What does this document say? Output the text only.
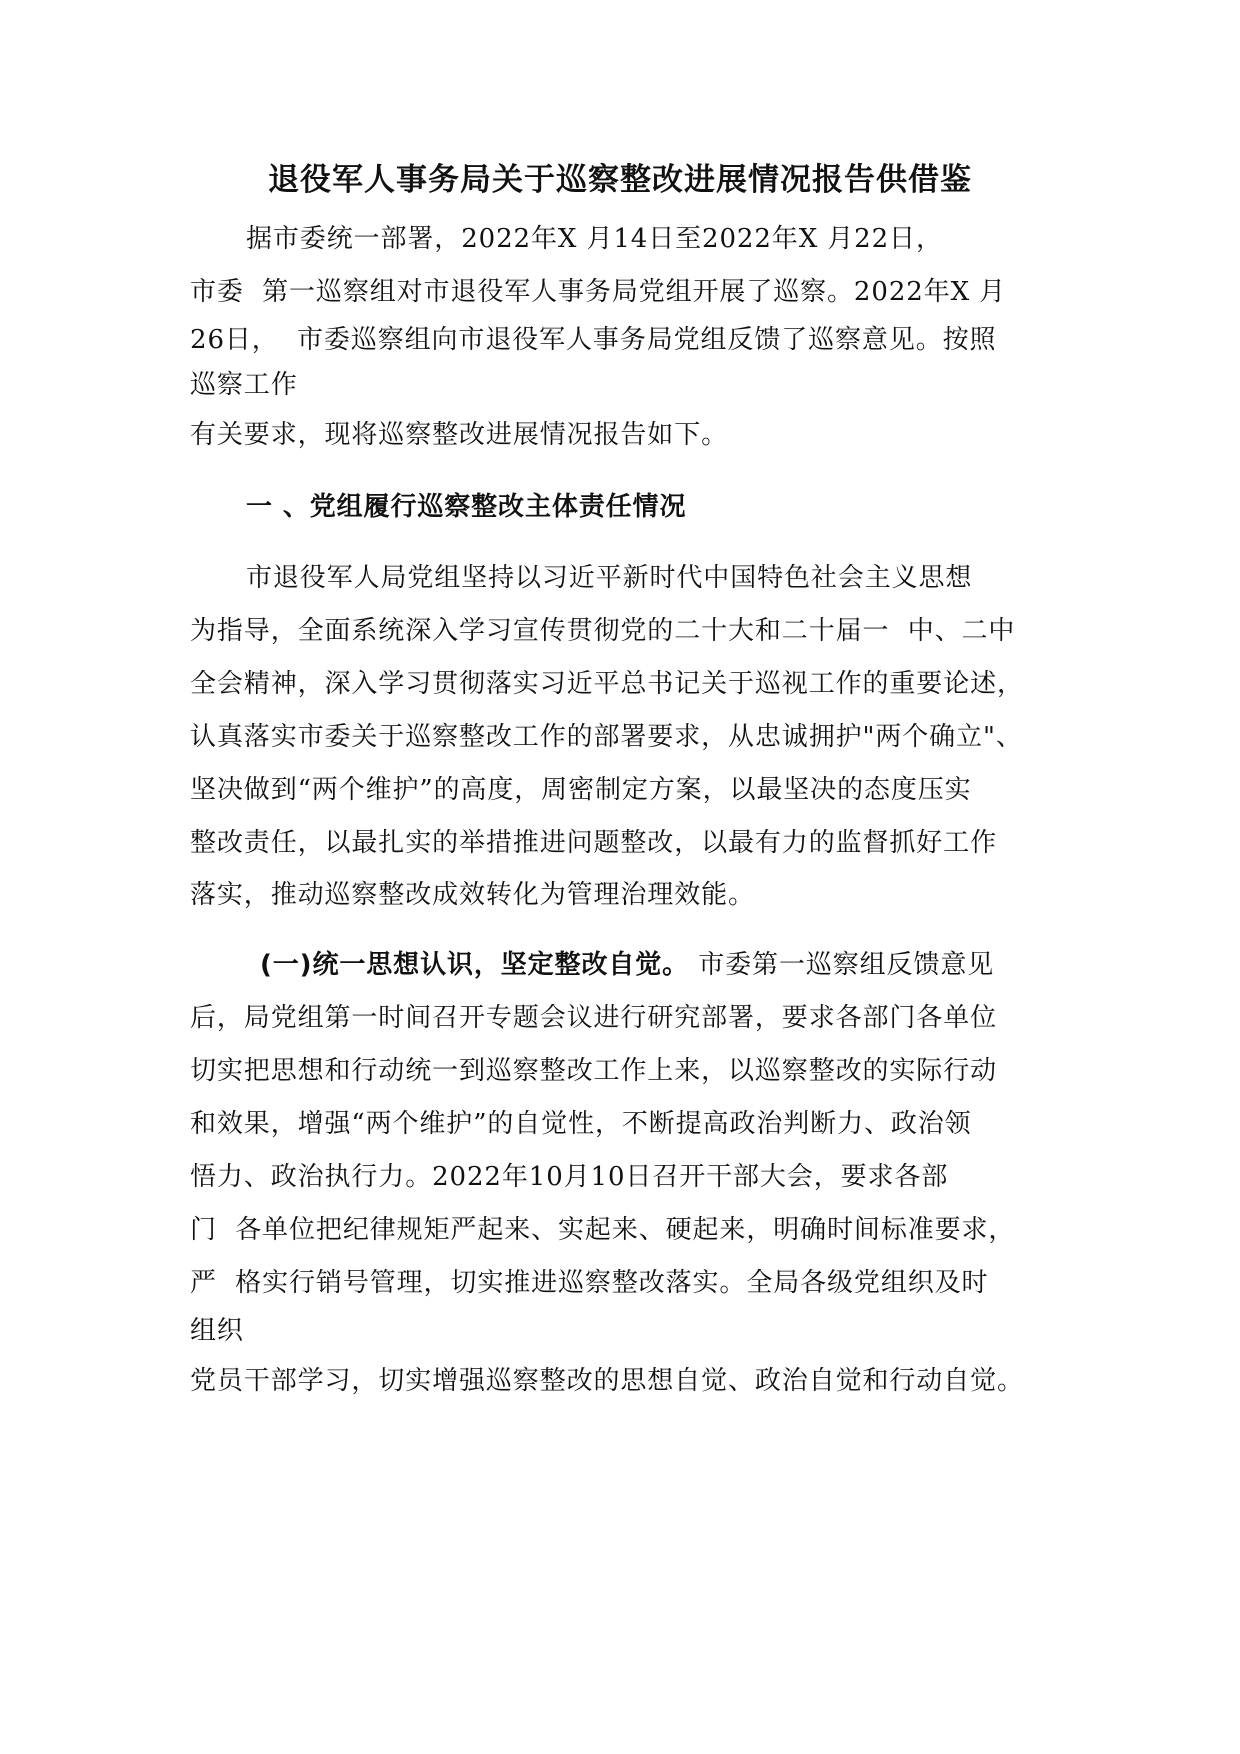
退役军人事务局关于巡察整改进展情况报告供借鉴
据市委统一部署，2022年X 月14日至2022年X 月22日，
市委  第一巡察组对市退役军人事务局党组开展了巡察。2022年X 月
26日，  市委巡察组向市退役军人事务局党组反馈了巡察意见。按照
巡察工作
有关要求，现将巡察整改进展情况报告如下。
一 、党组履行巡察整改主体责任情况
市退役军人局党组坚持以习近平新时代中国特色社会主义思想
为指导，全面系统深入学习宣传贯彻党的二十大和二十届一  中、二中
全会精神，深入学习贯彻落实习近平总书记关于巡视工作的重要论述，
认真落实市委关于巡察整改工作的部署要求，从忠诚拥护"两个确立"、
坚决做到“两个维护”的高度，周密制定方案，以最坚决的态度压实
整改责任，以最扎实的举措推进问题整改，以最有力的监督抓好工作
落实，推动巡察整改成效转化为管理治理效能。
(一)统一思想认识，坚定整改自觉。 市委第一巡察组反馈意见
后，局党组第一时间召开专题会议进行研究部署，要求各部门各单位
切实把思想和行动统一到巡察整改工作上来，以巡察整改的实际行动
和效果，增强“两个维护”的自觉性，不断提高政治判断力、政治领
悟力、政治执行力。2022年10月10日召开干部大会，要求各部
门  各单位把纪律规矩严起来、实起来、硬起来，明确时间标准要求，
严  格实行销号管理，切实推进巡察整改落实。全局各级党组织及时
组织
党员干部学习，切实增强巡察整改的思想自觉、政治自觉和行动自觉。
